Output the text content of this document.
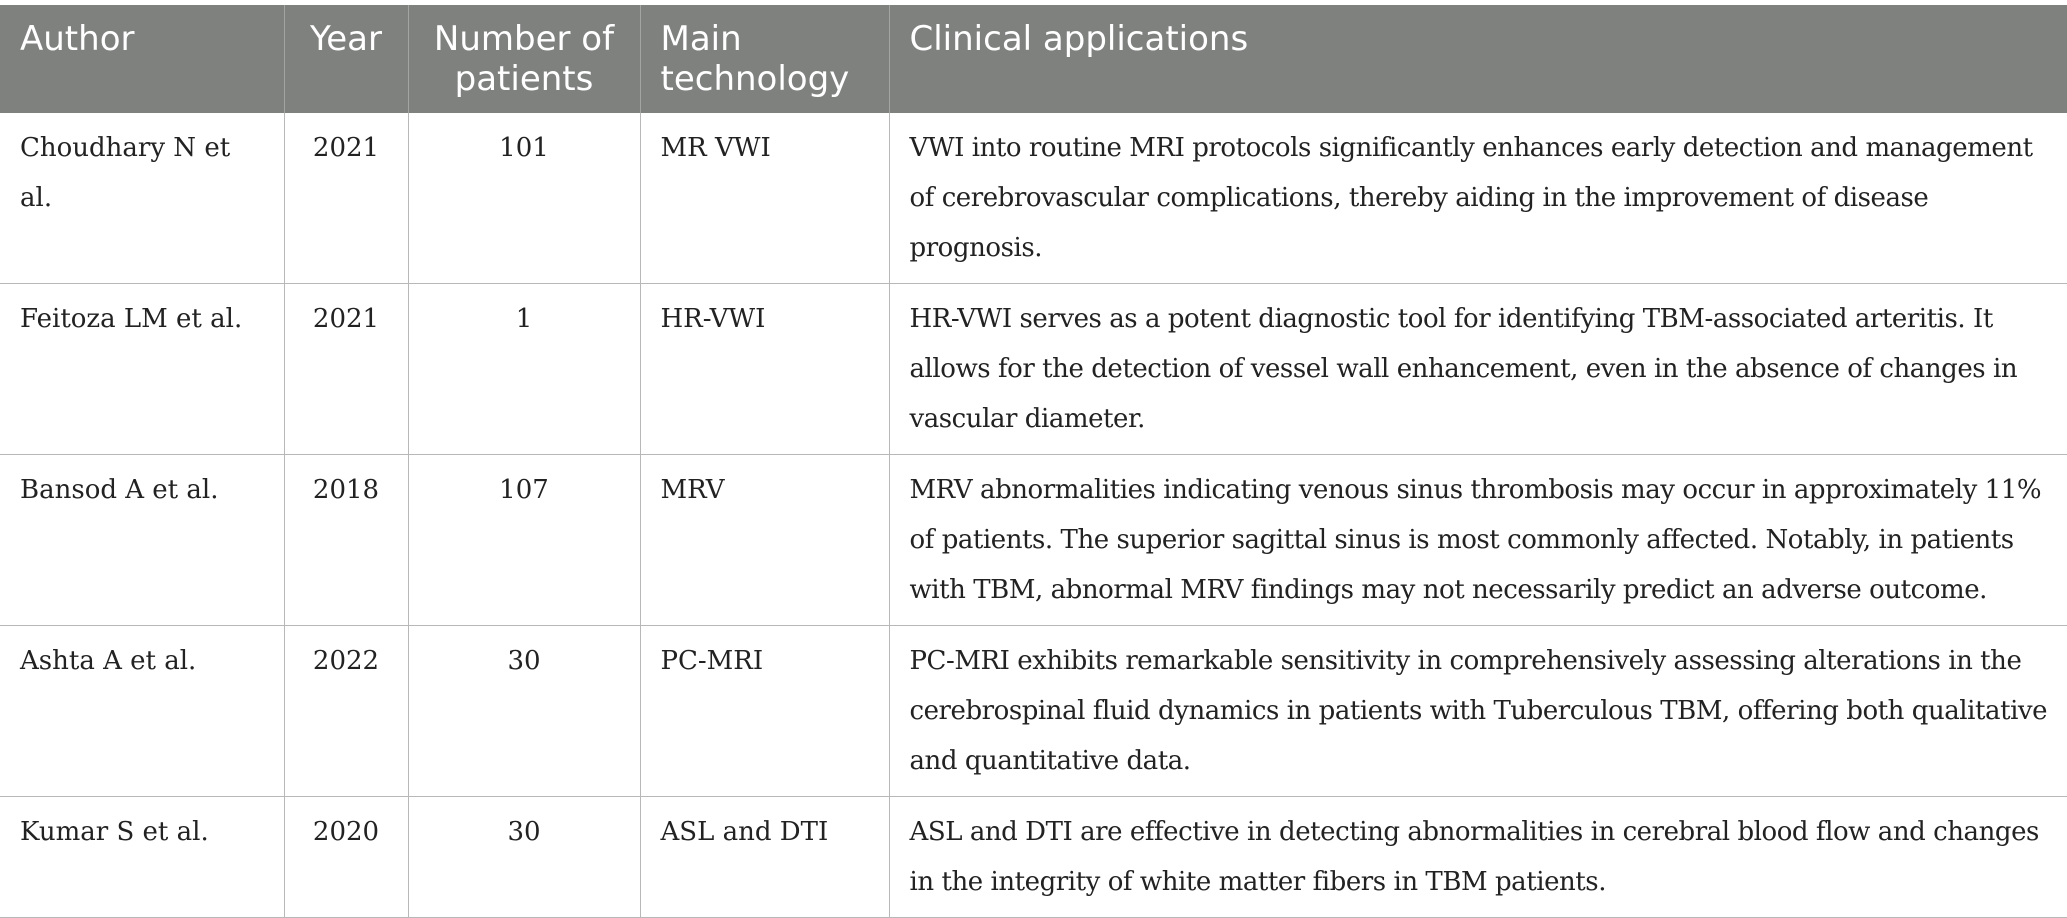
Author	Year	Number of patients	Main technology	Clinical applications
Choudhary N et al.	2021	101	MR VWI	VWI into routine MRI protocols significantly enhances early detection and management of cerebrovascular complications, thereby aiding in the improvement of disease prognosis.
Feitoza LM et al.	2021	1	HR-VWI	HR-VWI serves as a potent diagnostic tool for identifying TBM-associated arteritis. It allows for the detection of vessel wall enhancement, even in the absence of changes in vascular diameter.
Bansod A et al.	2018	107	MRV	MRV abnormalities indicating venous sinus thrombosis may occur in approximately 11% of patients. The superior sagittal sinus is most commonly affected. Notably, in patients with TBM, abnormal MRV findings may not necessarily predict an adverse outcome.
Ashta A et al.	2022	30	PC-MRI	PC-MRI exhibits remarkable sensitivity in comprehensively assessing alterations in the cerebrospinal fluid dynamics in patients with Tuberculous TBM, offering both qualitative and quantitative data.
Kumar S et al.	2020	30	ASL and DTI	ASL and DTI are effective in detecting abnormalities in cerebral blood flow and changes in the integrity of white matter fibers in TBM patients.
